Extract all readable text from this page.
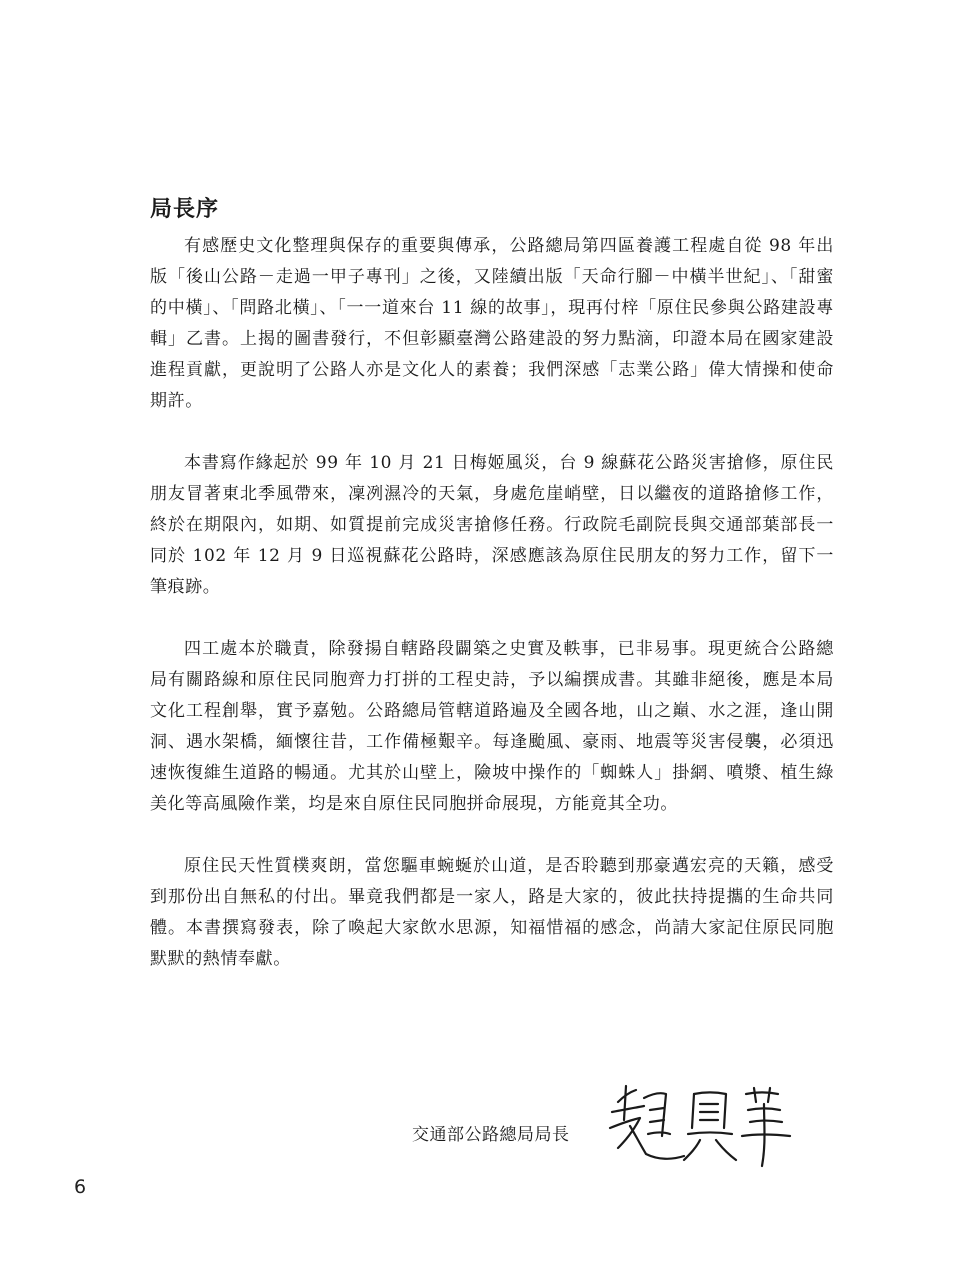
局長序

有感歷史文化整理與保存的重要與傳承，公路總局第四區養護工程處自從 98 年出版「後山公路－走過一甲子專刊」之後，又陸續出版「天命行腳－中橫半世紀」、「甜蜜的中橫」、「問路北橫」、「一一道來台 11 線的故事」，現再付梓「原住民參與公路建設專輯」乙書。上揭的圖書發行，不但彰顯臺灣公路建設的努力點滴，印證本局在國家建設進程貢獻，更說明了公路人亦是文化人的素養；我們深感「志業公路」偉大情操和使命期許。

本書寫作緣起於 99 年 10 月 21 日梅姬風災，台 9 線蘇花公路災害搶修，原住民朋友冒著東北季風帶來，凜冽濕冷的天氣，身處危崖峭壁，日以繼夜的道路搶修工作，終於在期限內，如期、如質提前完成災害搶修任務。行政院毛副院長與交通部葉部長一同於 102 年 12 月 9 日巡視蘇花公路時，深感應該為原住民朋友的努力工作，留下一筆痕跡。

四工處本於職責，除發揚自轄路段闢築之史實及軼事，已非易事。現更統合公路總局有關路線和原住民同胞齊力打拼的工程史詩，予以編撰成書。其雖非絕後，應是本局文化工程創舉，實予嘉勉。公路總局管轄道路遍及全國各地，山之巔、水之涯，逢山開洞、遇水架橋，緬懷往昔，工作備極艱辛。每逢颱風、豪雨、地震等災害侵襲，必須迅速恢復維生道路的暢通。尤其於山壁上，險坡中操作的「蜘蛛人」掛網、噴漿、植生綠美化等高風險作業，均是來自原住民同胞拼命展現，方能竟其全功。

原住民天性質樸爽朗，當您驅車蜿蜒於山道，是否聆聽到那豪邁宏亮的天籟，感受到那份出自無私的付出。畢竟我們都是一家人，路是大家的，彼此扶持提攜的生命共同體。本書撰寫發表，除了喚起大家飲水思源，知福惜福的感念，尚請大家記住原民同胞默默的熱情奉獻。

交通部公路總局局長
6
